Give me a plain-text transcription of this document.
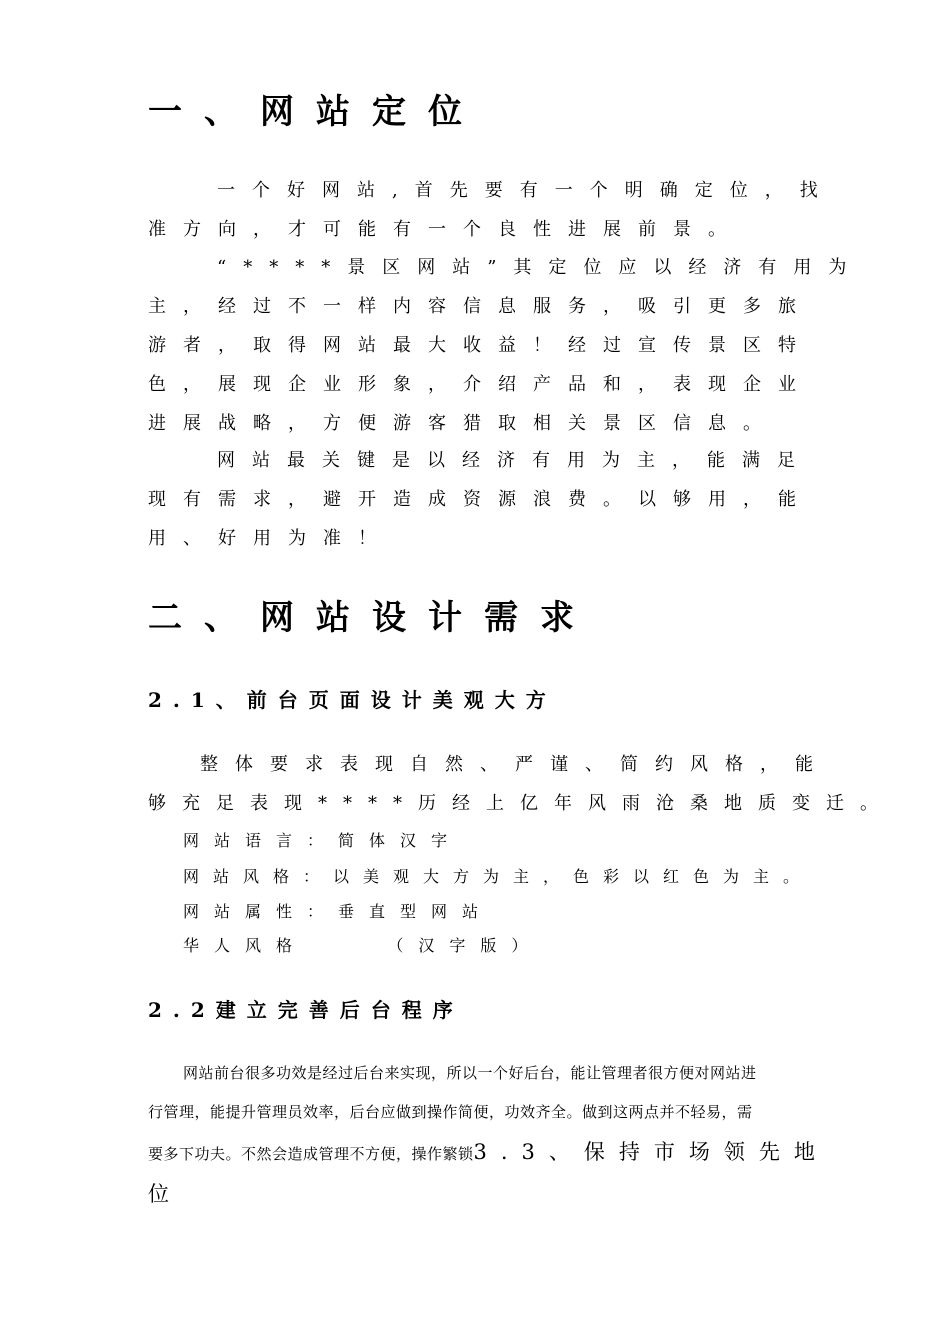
一、网站定位

一个好网站,首先要有一个明确定位，找

准方向，才可能有一个良性进展前景。

“****景区网站”其定位应以经济有用为

主，经过不一样内容信息服务，吸引更多旅

游者，取得网站最大收益！经过宣传景区特

色，展现企业形象，介绍产品和，表现企业

进展战略，方便游客猎取相关景区信息。

网站最关键是以经济有用为主，能满足

现有需求，避开造成资源浪费。以够用，能

用、好用为准！

二、网站设计需求
2.1、前台页面设计美观大方

整体要求表现自然、严谨、简约风格，能

够充足表现****历经上亿年风雨沧桑地质变迁。

网站语言：简体汉字

网站风格：以美观大方为主，色彩以红色为主。

网站属性：垂直型网站

华人风格    （汉字版）

2.2建立完善后台程序

网站前台很多功效是经过后台来实现，所以一个好后台，能让管理者很方便对网站进

行管理，能提升管理员效率，后台应做到操作简便，功效齐全。做到这两点并不轻易，需

要多下功夫。不然会造成管理不方便，操作繁锁3.3、保持市场领先地

位
